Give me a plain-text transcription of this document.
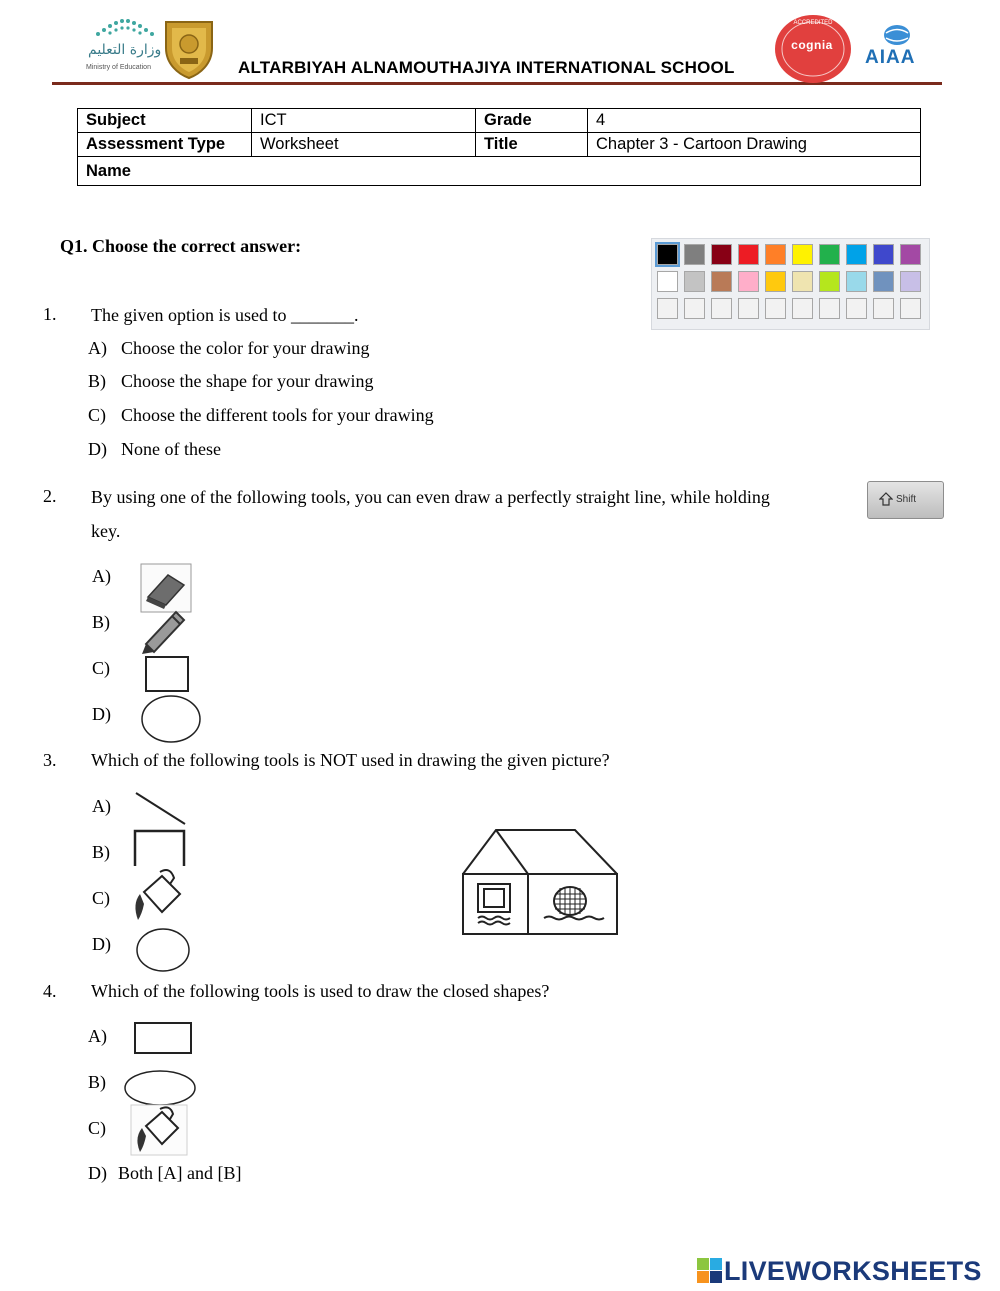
وزارة التعليم
Ministry of Education	ALTARBIYAH ALNAMOUTHAJIYA INTERNATIONAL SCHOOL
ACCREDITED
cognia
AIAA
Subject	ICT	Grade	4
Assessment Type	Worksheet	Title	Chapter 3 - Cartoon Drawing
Name			
Q1. Choose the correct answer:
1. The given option is used to _______.
A) Choose the color for your drawing
B) Choose the shape for your drawing
C) Choose the different tools for your drawing
D) None of these
2. By using one of the following tools, you can even draw a perfectly straight line, while holding
key.
Shift
A)
B)
C)
D)
3. Which of the following tools is NOT used in drawing the given picture?
A)
B)
C)
D)
4. Which of the following tools is used to draw the closed shapes?
A)
B)
C)
D) Both [A] and [B]
LIVEWORKSHEETS
